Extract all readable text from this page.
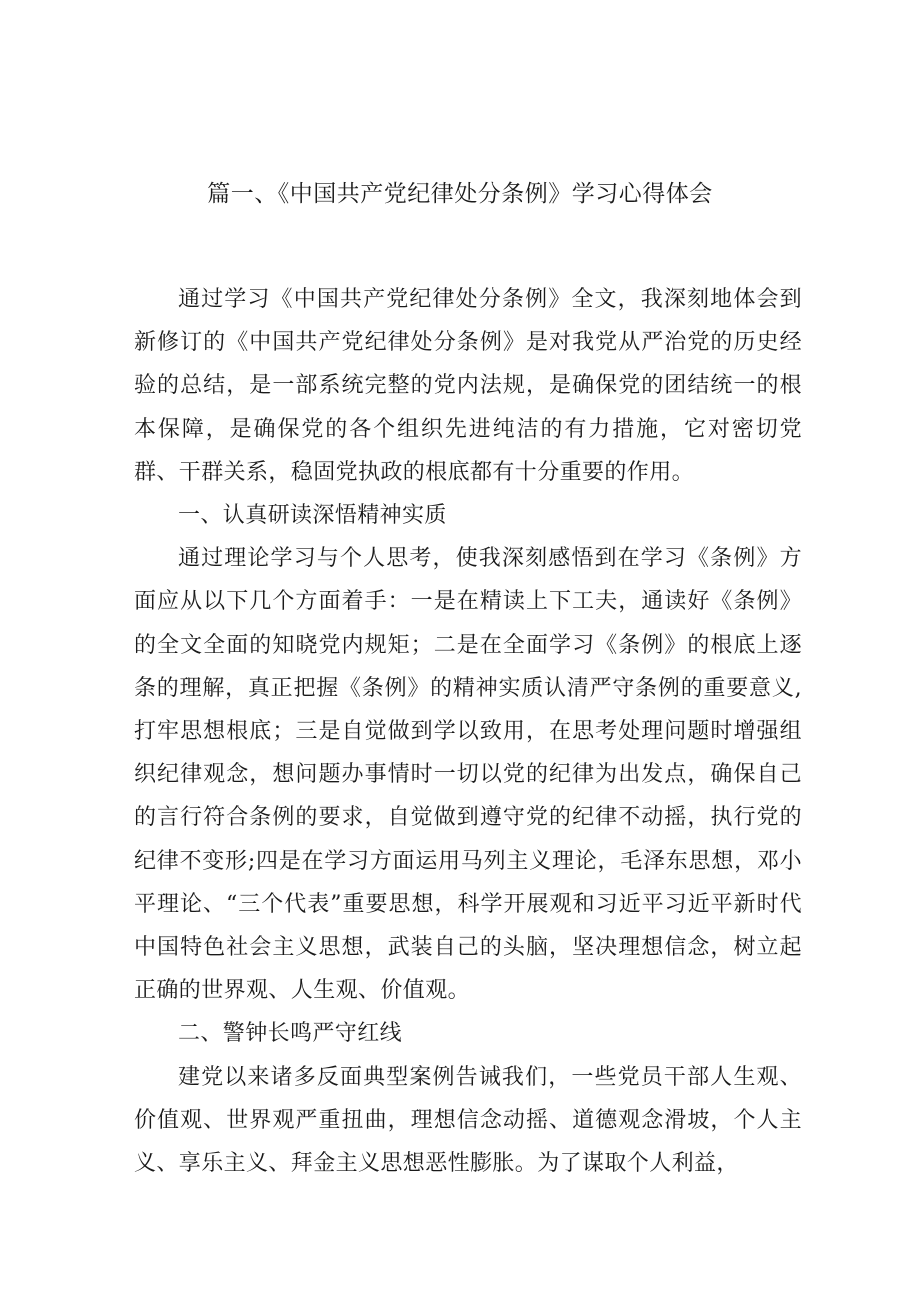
篇一、《中国共产党纪律处分条例》学习心得体会

通过学习《中国共产党纪律处分条例》全文，我深刻地体会到新修订的《中国共产党纪律处分条例》是对我党从严治党的历史经验的总结，是一部系统完整的党内法规，是确保党的团结统一的根本保障，是确保党的各个组织先进纯洁的有力措施，它对密切党群、干群关系，稳固党执政的根底都有十分重要的作用。

一、认真研读深悟精神实质

通过理论学习与个人思考，使我深刻感悟到在学习《条例》方面应从以下几个方面着手：一是在精读上下工夫，通读好《条例》的全文全面的知晓党内规矩；二是在全面学习《条例》的根底上逐条的理解，真正把握《条例》的精神实质认清严守条例的重要意义,打牢思想根底；三是自觉做到学以致用，在思考处理问题时增强组织纪律观念，想问题办事情时一切以党的纪律为出发点，确保自己的言行符合条例的要求，自觉做到遵守党的纪律不动摇，执行党的纪律不变形;四是在学习方面运用马列主义理论，毛泽东思想，邓小平理论、“三个代表”重要思想，科学开展观和习近平习近平新时代中国特色社会主义思想，武装自己的头脑，坚决理想信念，树立起正确的世界观、人生观、价值观。

二、警钟长鸣严守红线

建党以来诸多反面典型案例告诫我们，一些党员干部人生观、价值观、世界观严重扭曲，理想信念动摇、道德观念滑坡，个人主义、享乐主义、拜金主义思想恶性膨胀。为了谋取个人利益，
